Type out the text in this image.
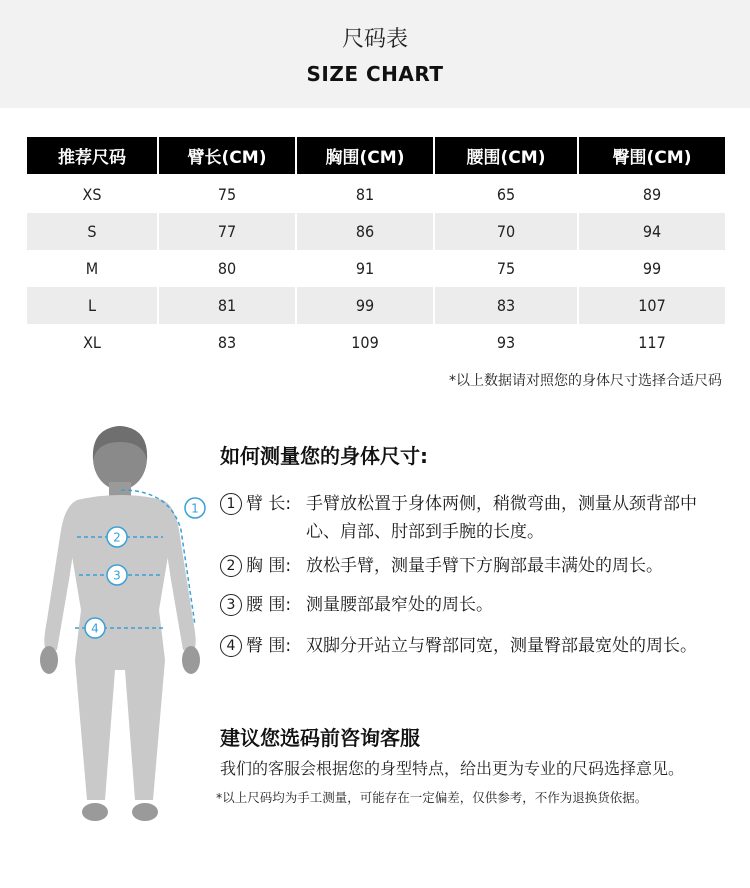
尺码表
SIZE CHART
推荐尺码	臂长(CM)	胸围(CM)	腰围(CM)	臀围(CM)
XS	75	81	65	89
S	77	86	70	94
M	80	91	75	99
L	81	99	83	107
XL	83	109	93	117
*以上数据请对照您的身体尺寸选择合适尺码
1
2
3
4
如何测量您的身体尺寸:
1 臂 长: 手臂放松置于身体两侧，稍微弯曲，测量从颈背部中心、肩部、肘部到手腕的长度。
2 胸 围: 放松手臂，测量手臂下方胸部最丰满处的周长。
3 腰 围: 测量腰部最窄处的周长。
4 臀 围: 双脚分开站立与臀部同宽，测量臀部最宽处的周长。
建议您选码前咨询客服
我们的客服会根据您的身型特点，给出更为专业的尺码选择意见。
*以上尺码均为手工测量，可能存在一定偏差，仅供参考，不作为退换货依据。
